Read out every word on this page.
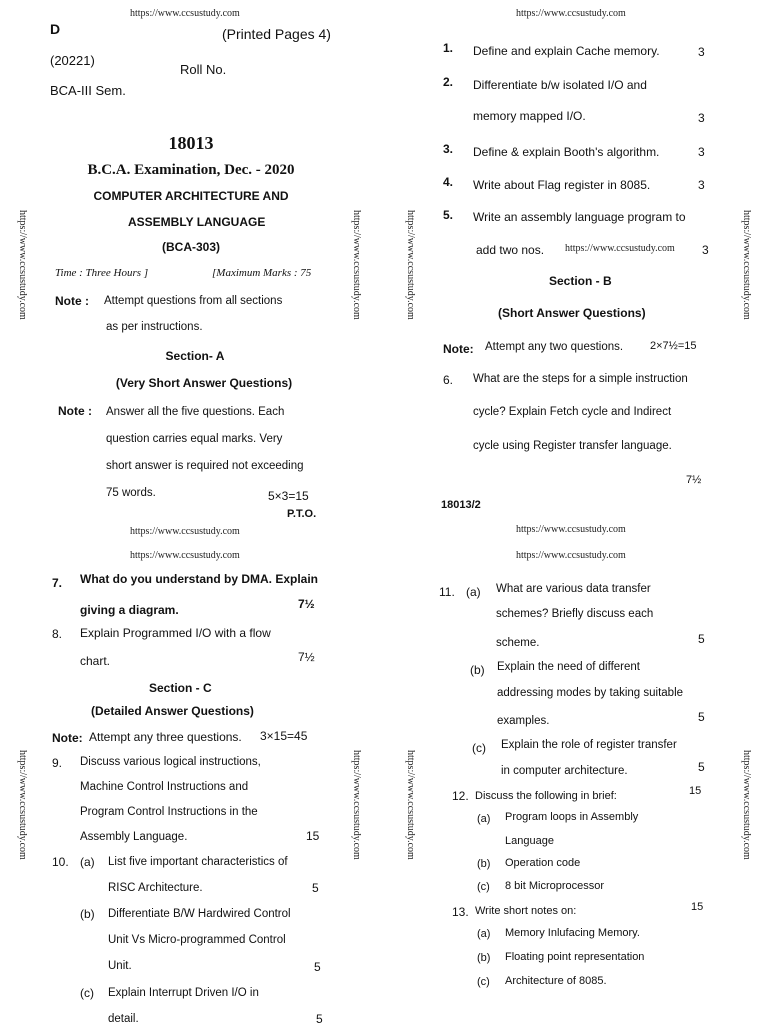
https://www.ccsustudy.com	https://www.ccsustudy.com
https://www.ccsustudy.com
https://www.ccsustudy.com
https://www.ccsustudy.com
https://www.ccsustudy.com
https://www.ccsustudy.com
https://www.ccsustudy.com	https://www.ccsustudy.com	https://www.ccsustudy.com	https://www.ccsustudy.com
https://www.ccsustudy.com	https://www.ccsustudy.com	https://www.ccsustudy.com	https://www.ccsustudy.com
D	(Printed Pages 4)
(20221)
Roll No.
BCA-III Sem.
18013
B.C.A. Examination, Dec. - 2020
COMPUTER ARCHITECTURE AND
ASSEMBLY LANGUAGE
(BCA-303)
Time : Three Hours ]	[Maximum Marks : 75
Note : Attempt questions from all sections
as per instructions.
Section- A
(Very Short Answer Questions)
Note : Answer all the five questions. Each
question carries equal marks. Very
short answer is required not exceeding
75 words.	5×3=15
P.T.O.
1. Define and explain Cache memory.	3
2. Differentiate b/w isolated I/O and
memory mapped I/O.	3
3. Define & explain Booth's algorithm.	3
4. Write about Flag register in 8085.	3
5. Write an assembly language program to
add two nos.	3
Section - B
(Short Answer Questions)
Note: Attempt any two questions. 2×7½=15
6. What are the steps for a simple instruction
cycle? Explain Fetch cycle and Indirect
cycle using Register transfer language.
7½
18013/2
7. What do you understand by DMA. Explain
giving a diagram.	7½
8. Explain Programmed I/O with a flow
chart.	7½
Section - C
(Detailed Answer Questions)
Note: Attempt any three questions. 3×15=45
9. Discuss various logical instructions,
Machine Control Instructions and
Program Control Instructions in the
Assembly Language.	15
10. (a) List five important characteristics of
RISC Architecture.	5
(b) Differentiate B/W Hardwired Control
Unit Vs Micro-programmed Control
Unit.	5
(c) Explain Interrupt Driven I/O in
detail.	5
11. (a) What are various data transfer
schemes? Briefly discuss each
scheme.	5
(b) Explain the need of different
addressing modes by taking suitable
examples.	5
(c) Explain the role of register transfer
in computer architecture.	5
12. Discuss the following in brief:	15
(a) Program loops in Assembly
Language
(b) Operation code
(c) 8 bit Microprocessor
13. Write short notes on:	15
(a) Memory Inlufacing Memory.
(b) Floating point representation
(c) Architecture of 8085.
